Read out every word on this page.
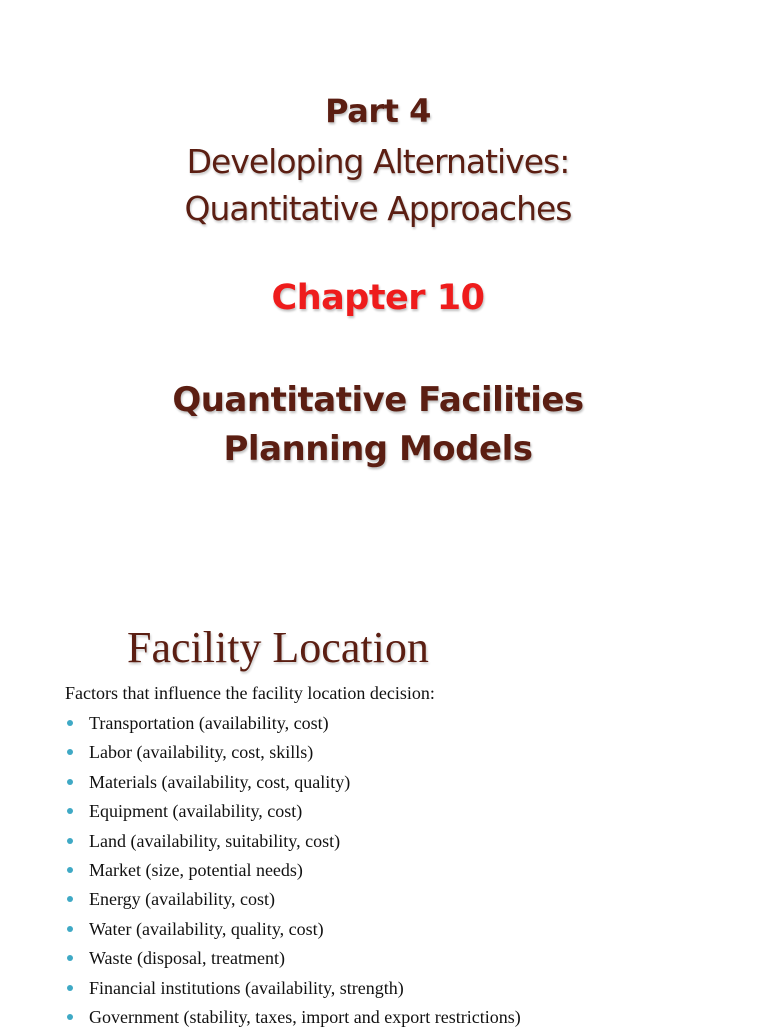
Part 4
Developing Alternatives:
Quantitative Approaches
Chapter 10
Quantitative Facilities
Planning Models
Facility Location
Factors that influence the facility location decision:
Transportation (availability, cost)
Labor (availability, cost, skills)
Materials (availability, cost, quality)
Equipment (availability, cost)
Land (availability, suitability, cost)
Market (size, potential needs)
Energy (availability, cost)
Water (availability, quality, cost)
Waste (disposal, treatment)
Financial institutions (availability, strength)
Government (stability, taxes, import and export restrictions)
